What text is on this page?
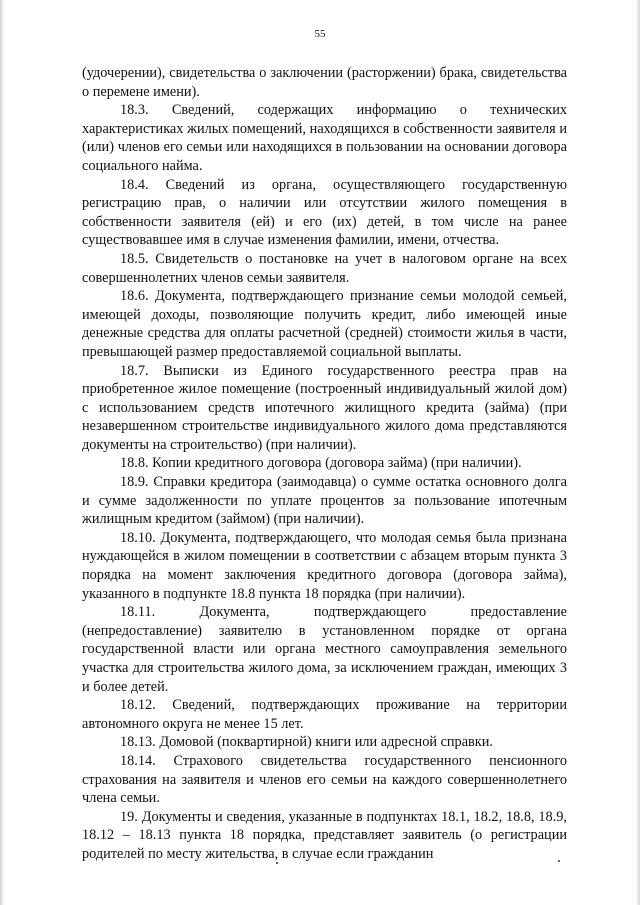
55

(удочерении), свидетельства о заключении (расторжении) брака, свидетельства о перемене имени).

18.3. Сведений, содержащих информацию о технических характеристиках жилых помещений, находящихся в собственности заявителя и (или) членов его семьи или находящихся в пользовании на основании договора социального найма.

18.4. Сведений из органа, осуществляющего государственную регистрацию прав, о наличии или отсутствии жилого помещения в собственности заявителя (ей) и его (их) детей, в том числе на ранее существовавшее имя в случае изменения фамилии, имени, отчества.

18.5. Свидетельств о постановке на учет в налоговом органе на всех совершеннолетних членов семьи заявителя.

18.6. Документа, подтверждающего признание семьи молодой семьей, имеющей доходы, позволяющие получить кредит, либо имеющей иные денежные средства для оплаты расчетной (средней) стоимости жилья в части, превышающей размер предоставляемой социальной выплаты.

18.7. Выписки из Единого государственного реестра прав на приобретенное жилое помещение (построенный индивидуальный жилой дом) с использованием средств ипотечного жилищного кредита (займа) (при незавершенном строительстве индивидуального жилого дома представляются документы на строительство) (при наличии).

18.8. Копии кредитного договора (договора займа) (при наличии).

18.9. Справки кредитора (заимодавца) о сумме остатка основного долга и сумме задолженности по уплате процентов за пользование ипотечным жилищным кредитом (займом) (при наличии).

18.10. Документа, подтверждающего, что молодая семья была признана нуждающейся в жилом помещении в соответствии с абзацем вторым пункта 3 порядка на момент заключения кредитного договора (договора займа), указанного в подпункте 18.8 пункта 18 порядка (при наличии).

18.11. Документа, подтверждающего предоставление (непредоставление) заявителю в установленном порядке от органа государственной власти или органа местного самоуправления земельного участка для строительства жилого дома, за исключением граждан, имеющих 3 и более детей.

18.12. Сведений, подтверждающих проживание на территории автономного округа не менее 15 лет.

18.13. Домовой (поквартирной) книги или адресной справки.

18.14. Страхового свидетельства государственного пенсионного страхования на заявителя и членов его семьи на каждого совершеннолетнего члена семьи.

19. Документы и сведения, указанные в подпунктах 18.1, 18.2, 18.8, 18.9, 18.12 – 18.13 пункта 18 порядка, представляет заявитель (о регистрации родителей по месту жительства, в случае если гражданин
